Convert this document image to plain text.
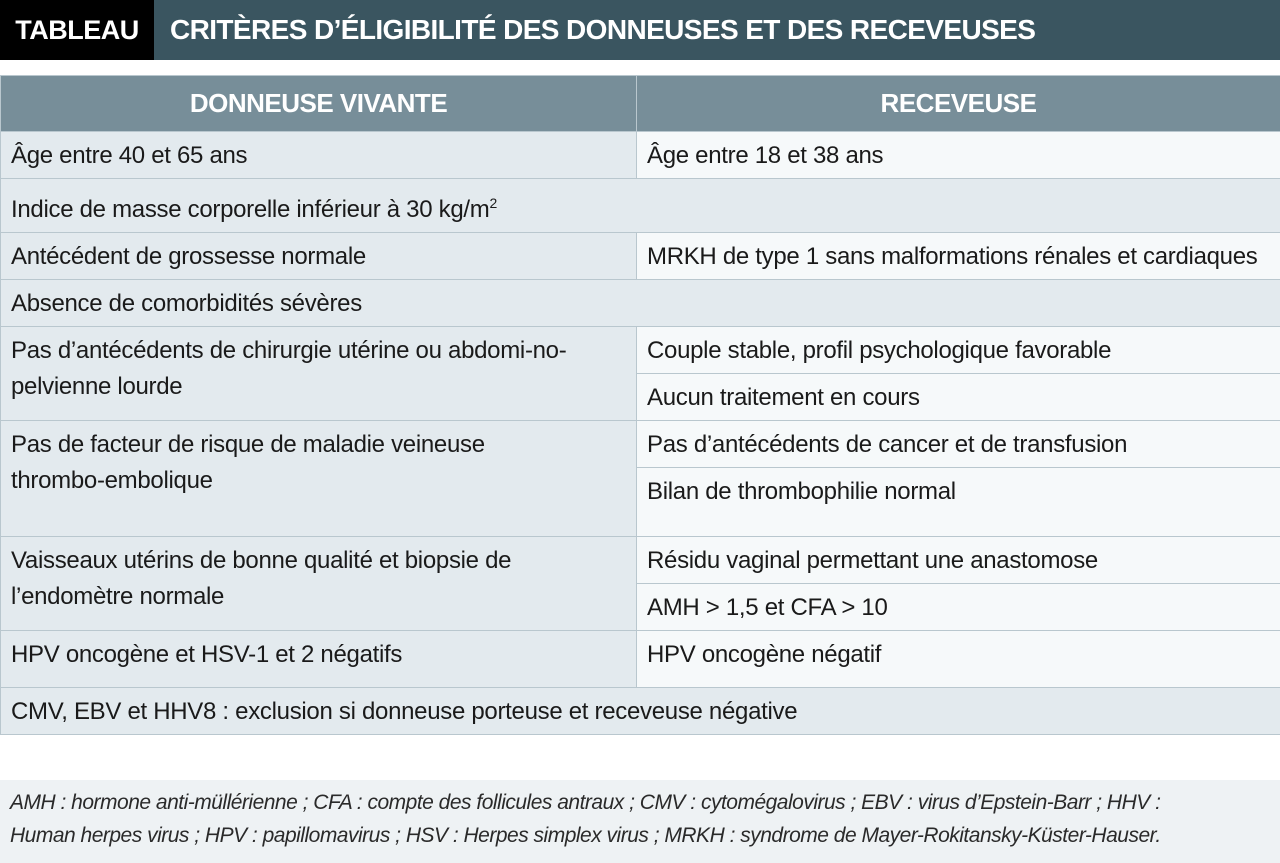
TABLEAU	CRITÈRES D’ÉLIGIBILITÉ DES DONNEUSES ET DES RECEVEUSES
DONNEUSE VIVANTE	RECEVEUSE
Âge entre 40 et 65 ans	Âge entre 18 et 38 ans
Indice de masse corporelle inférieur à 30 $kg/m^2$
Antécédent de grossesse normale	MRKH de type 1 sans malformations rénales et cardiaques
Absence de comorbidités sévères	
Pas d’antécédents de chirurgie utérine ou abdomi-no-pelvienne lourde	Couple stable, profil psychologique favorable
	Aucun traitement en cours
Pas de facteur de risque de maladie veineuse thrombo-embolique	Pas d’antécédents de cancer et de transfusion
	Bilan de thrombophilie normal
Vaisseaux utérins de bonne qualité et biopsie de l’endomètre normale	Résidu vaginal permettant une anastomose
	AMH > 1,5 et CFA > 10
HPV oncogène et HSV-1 et 2 négatifs	HPV oncogène négatif
CMV, EBV et HHV8 : exclusion si donneuse porteuse et receveuse négative	
AMH : hormone anti-müllérienne ; CFA : compte des follicules antraux ; CMV : cytomégalovirus ; EBV : virus d’Epstein-Barr ; HHV :
Human herpes virus ; HPV : papillomavirus ; HSV : Herpes simplex virus ; MRKH : syndrome de Mayer-Rokitansky-Küster-Hauser.
